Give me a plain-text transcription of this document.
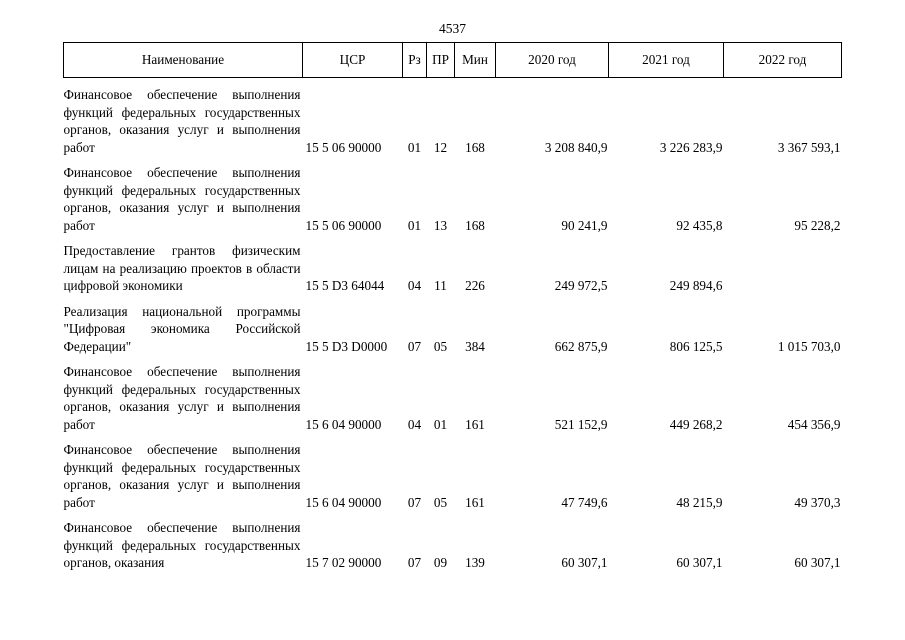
4537
Наименование	ЦСР	Рз	ПР	Мин	2020 год	2021 год	2022 год

Финансовое обеспечение выполнения функций федеральных государственных органов, оказания услуг и выполнения работ	15 5 06 90000	01	12	168	3 208 840,9	3 226 283,9	3 367 593,1

Финансовое обеспечение выполнения функций федеральных государственных органов, оказания услуг и выполнения работ	15 5 06 90000	01	13	168	90 241,9	92 435,8	95 228,2

Предоставление грантов физическим лицам на реализацию проектов в области цифровой экономики	15 5 D3 64044	04	11	226	249 972,5	249 894,6	

Реализация национальной программы "Цифровая экономика Российской Федерации"	15 5 D3 D0000	07	05	384	662 875,9	806 125,5	1 015 703,0

Финансовое обеспечение выполнения функций федеральных государственных органов, оказания услуг и выполнения работ	15 6 04 90000	04	01	161	521 152,9	449 268,2	454 356,9

Финансовое обеспечение выполнения функций федеральных государственных органов, оказания услуг и выполнения работ	15 6 04 90000	07	05	161	47 749,6	48 215,9	49 370,3

Финансовое обеспечение выполнения функций федеральных государственных органов, оказания	15 7 02 90000	07	09	139	60 307,1	60 307,1	60 307,1
